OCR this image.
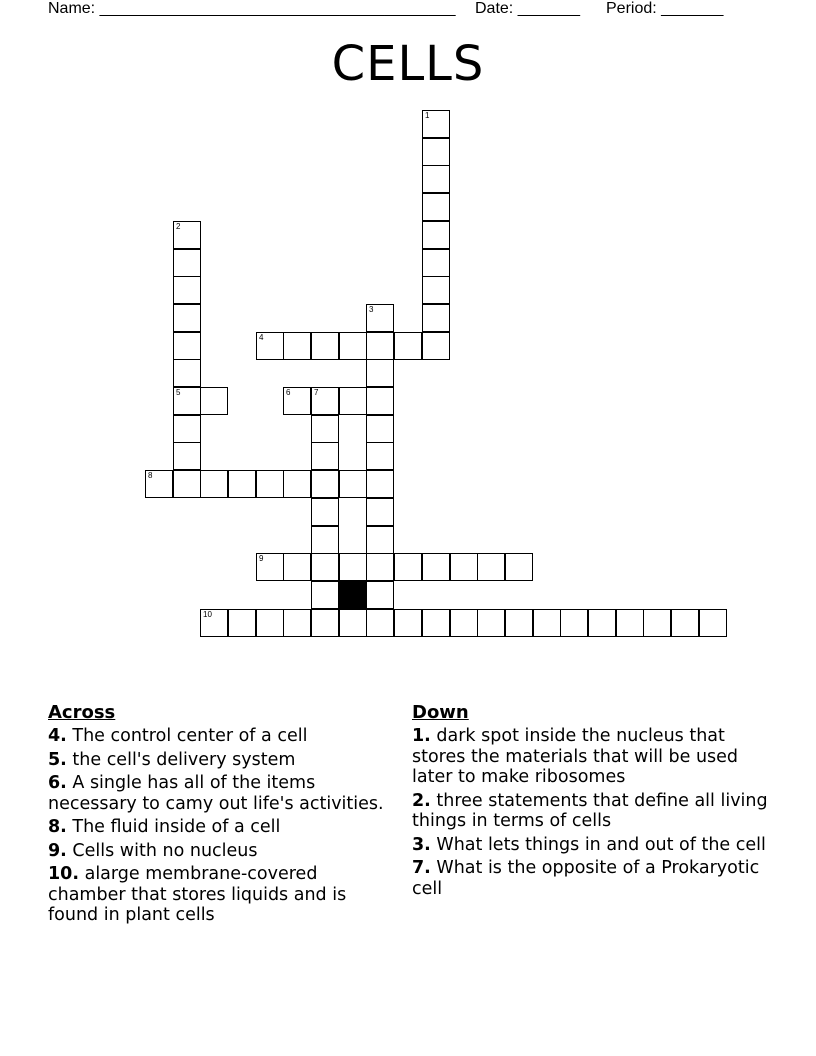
Name: ________________________________________ Date: _______ Period: _______
CELLS
1
2
5
3
4
6	7
8
9
10
Across
4. The control center of a cell
5. the cell's delivery system
6. A single has all of the items necessary to camy out life's activities.
8. The fluid inside of a cell
9. Cells with no nucleus
10. alarge membrane-covered chamber that stores liquids and is found in plant cells
Down
1. dark spot inside the nucleus that stores the materials that will be used later to make ribosomes
2. three statements that define all living things in terms of cells
3. What lets things in and out of the cell
7. What is the opposite of a Prokaryotic cell
